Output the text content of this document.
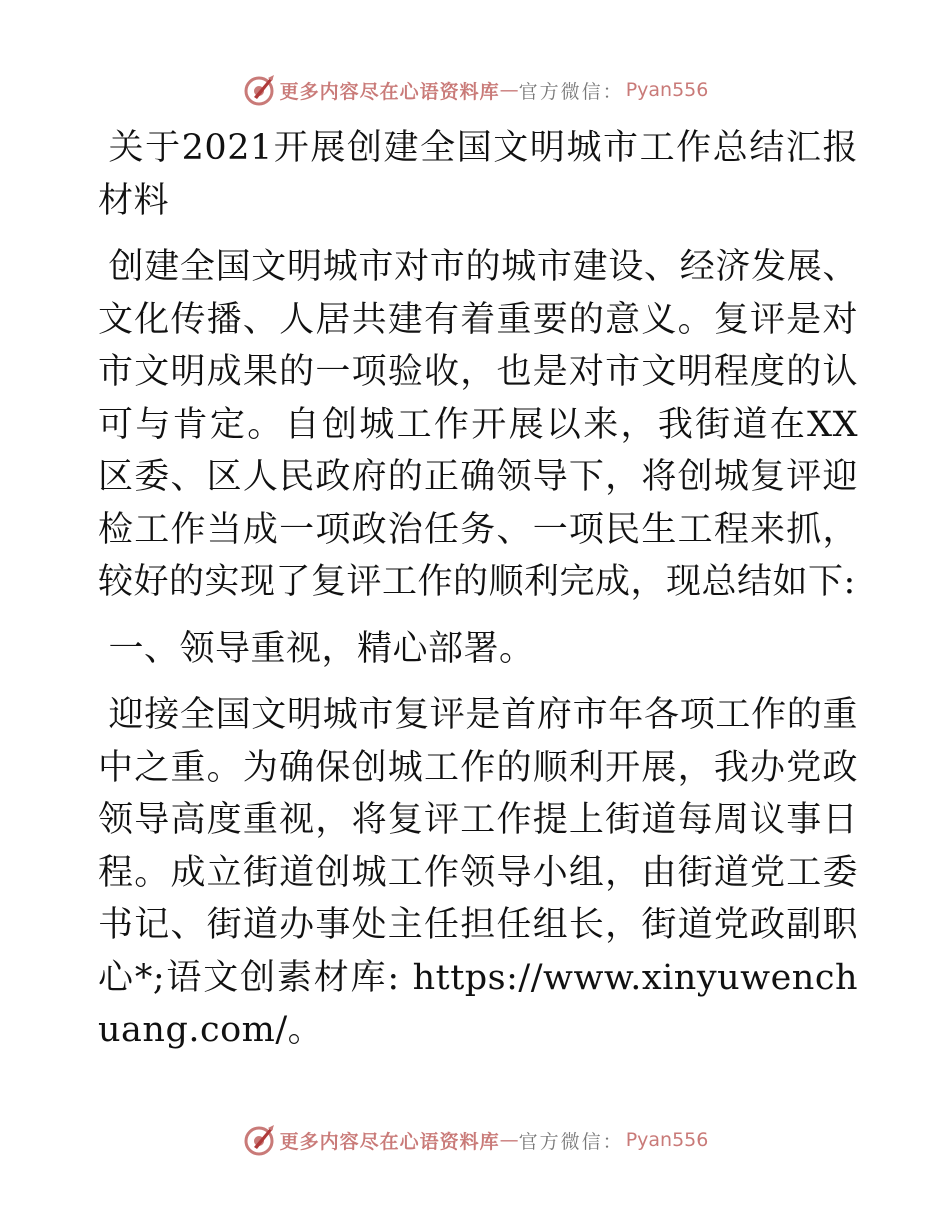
更多内容尽在心语资料库 — 官方微信： Pyan556

关于2021开展创建全国文明城市工作总结汇报材料

创建全国文明城市对市的城市建设、经济发展、文化传播、人居共建有着重要的意义。复评是对市文明成果的一项验收，也是对市文明程度的认可与肯定。自创城工作开展以来，我街道在XX区委、区人民政府的正确领导下，将创城复评迎检工作当成一项政治任务、一项民生工程来抓，较好的实现了复评工作的顺利完成，现总结如下:

一、领导重视，精心部署。

迎接全国文明城市复评是首府市年各项工作的重中之重。为确保创城工作的顺利开展，我办党政领导高度重视，将复评工作提上街道每周议事日程。成立街道创城工作领导小组，由街道党工委书记、街道办事处主任担任组长，街道党政副职心*;语文创素材库: https://www.xinyuwenchuang.com/。

更多内容尽在心语资料库 — 官方微信： Pyan556
